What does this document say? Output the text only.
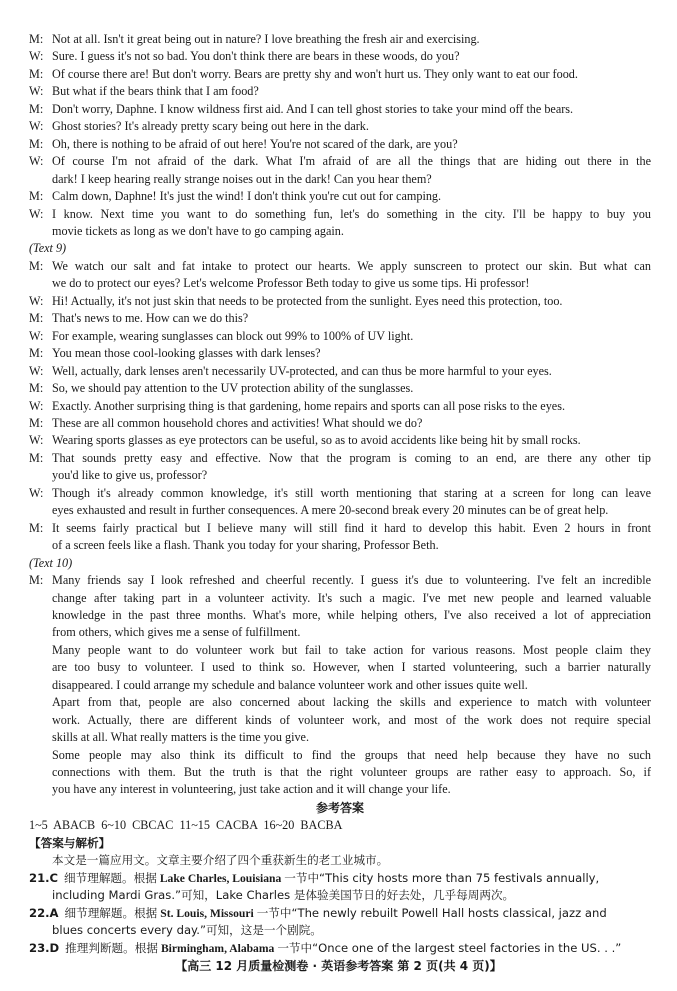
M: Not at all. Isn't it great being out in nature? I love breathing the fresh air and exercising.
W: Sure. I guess it's not so bad. You don't think there are bears in these woods, do you?
M: Of course there are! But don't worry. Bears are pretty shy and won't hurt us. They only want to eat our food.
W: But what if the bears think that I am food?
M: Don't worry, Daphne. I know wildness first aid. And I can tell ghost stories to take your mind off the bears.
W: Ghost stories? It's already pretty scary being out here in the dark.
M: Oh, there is nothing to be afraid of out here! You're not scared of the dark, are you?
W: Of course I'm not afraid of the dark. What I'm afraid of are all the things that are hiding out there in the
dark! I keep hearing really strange noises out in the dark! Can you hear them?
M: Calm down, Daphne! It's just the wind! I don't think you're cut out for camping.
W: I know. Next time you want to do something fun, let's do something in the city. I'll be happy to buy you
movie tickets as long as we don't have to go camping again.
(Text 9)
M: We watch our salt and fat intake to protect our hearts. We apply sunscreen to protect our skin. But what can
we do to protect our eyes? Let's welcome Professor Beth today to give us some tips. Hi professor!
W: Hi! Actually, it's not just skin that needs to be protected from the sunlight. Eyes need this protection, too.
M: That's news to me. How can we do this?
W: For example, wearing sunglasses can block out 99% to 100% of UV light.
M: You mean those cool-looking glasses with dark lenses?
W: Well, actually, dark lenses aren't necessarily UV-protected, and can thus be more harmful to your eyes.
M: So, we should pay attention to the UV protection ability of the sunglasses.
W: Exactly. Another surprising thing is that gardening, home repairs and sports can all pose risks to the eyes.
M: These are all common household chores and activities! What should we do?
W: Wearing sports glasses as eye protectors can be useful, so as to avoid accidents like being hit by small rocks.
M: That sounds pretty easy and effective. Now that the program is coming to an end, are there any other tip
you'd like to give us, professor?
W: Though it's already common knowledge, it's still worth mentioning that staring at a screen for long can leave
eyes exhausted and result in further consequences. A mere 20-second break every 20 minutes can be of great help.
M: It seems fairly practical but I believe many will still find it hard to develop this habit. Even 2 hours in front
of a screen feels like a flash. Thank you today for your sharing, Professor Beth.
(Text 10)
M: Many friends say I look refreshed and cheerful recently. I guess it's due to volunteering. I've felt an incredible
change after taking part in a volunteer activity. It's such a magic. I've met new people and learned valuable
knowledge in the past three months. What's more, while helping others, I've also received a lot of appreciation
from others, which gives me a sense of fulfillment.
Many people want to do volunteer work but fail to take action for various reasons. Most people claim they
are too busy to volunteer. I used to think so. However, when I started volunteering, such a barrier naturally
disappeared. I could arrange my schedule and balance volunteer work and other issues quite well.
Apart from that, people are also concerned about lacking the skills and experience to match with volunteer
work. Actually, there are different kinds of volunteer work, and most of the work does not require special
skills at all. What really matters is the time you give.
Some people may also think its difficult to find the groups that need help because they have no such
connections with them. But the truth is that the right volunteer groups are rather easy to approach. So, if
you have any interest in volunteering, just take action and it will change your life.
参考答案
1~5 ABACB 6~10 CBCAC 11~15 CACBA 16~20 BACBA
【答案与解析】
本文是一篇应用文。文章主要介绍了四个重获新生的老工业城市。
21.C 细节理解题。根据 Lake Charles, Louisiana 一节中“This city hosts more than 75 festivals annually,
including Mardi Gras.”可知，Lake Charles 是体验美国节日的好去处，几乎每周两次。
22.A 细节理解题。根据 St. Louis, Missouri 一节中“The newly rebuilt Powell Hall hosts classical, jazz and
blues concerts every day.”可知，这是一个剧院。
23.D 推理判断题。根据 Birmingham, Alabama 一节中“Once one of the largest steel factories in the US. . .”
【高三 12 月质量检测卷 · 英语参考答案 第 2 页(共 4 页)】
